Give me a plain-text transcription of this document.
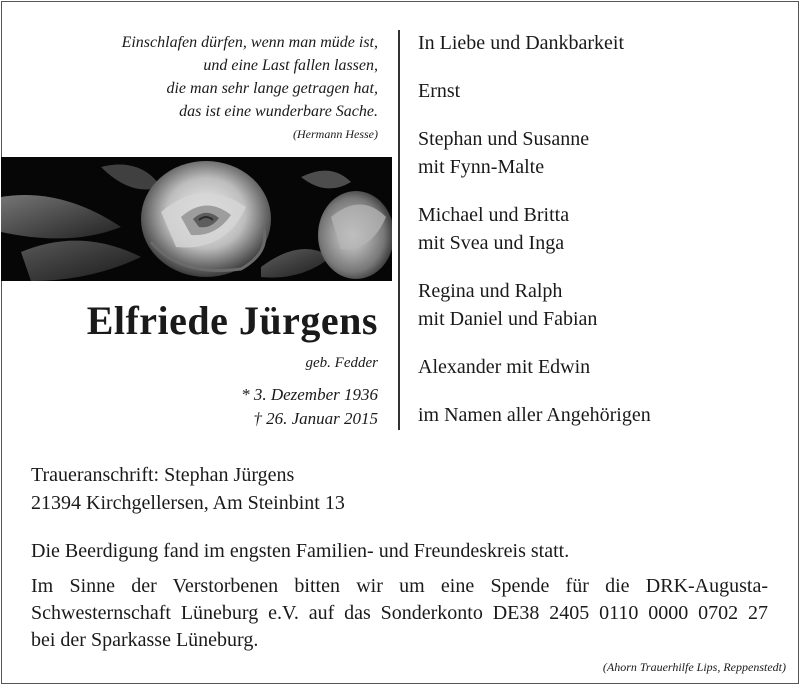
Einschlafen dürfen, wenn man müde ist,
und eine Last fallen lassen,
die man sehr lange getragen hat,
das ist eine wunderbare Sache.
(Hermann Hesse)
Elfriede Jürgens
geb. Fedder
* 3. Dezember 1936
† 26. Januar 2015
In Liebe und Dankbarkeit
Ernst
Stephan und Susanne
mit Fynn-Malte
Michael und Britta
mit Svea und Inga
Regina und Ralph
mit Daniel und Fabian
Alexander mit Edwin
im Namen aller Angehörigen
Traueranschrift: Stephan Jürgens
21394 Kirchgellersen, Am Steinbint 13
Die Beerdigung fand im engsten Familien- und Freundeskreis statt.
Im Sinne der Verstorbenen bitten wir um eine Spende für die DRK-Augusta-
Schwesternschaft Lüneburg e.V. auf das Sonderkonto DE38 2405 0110 0000 0702 27
bei der Sparkasse Lüneburg.
(Ahorn Trauerhilfe Lips, Reppenstedt)
